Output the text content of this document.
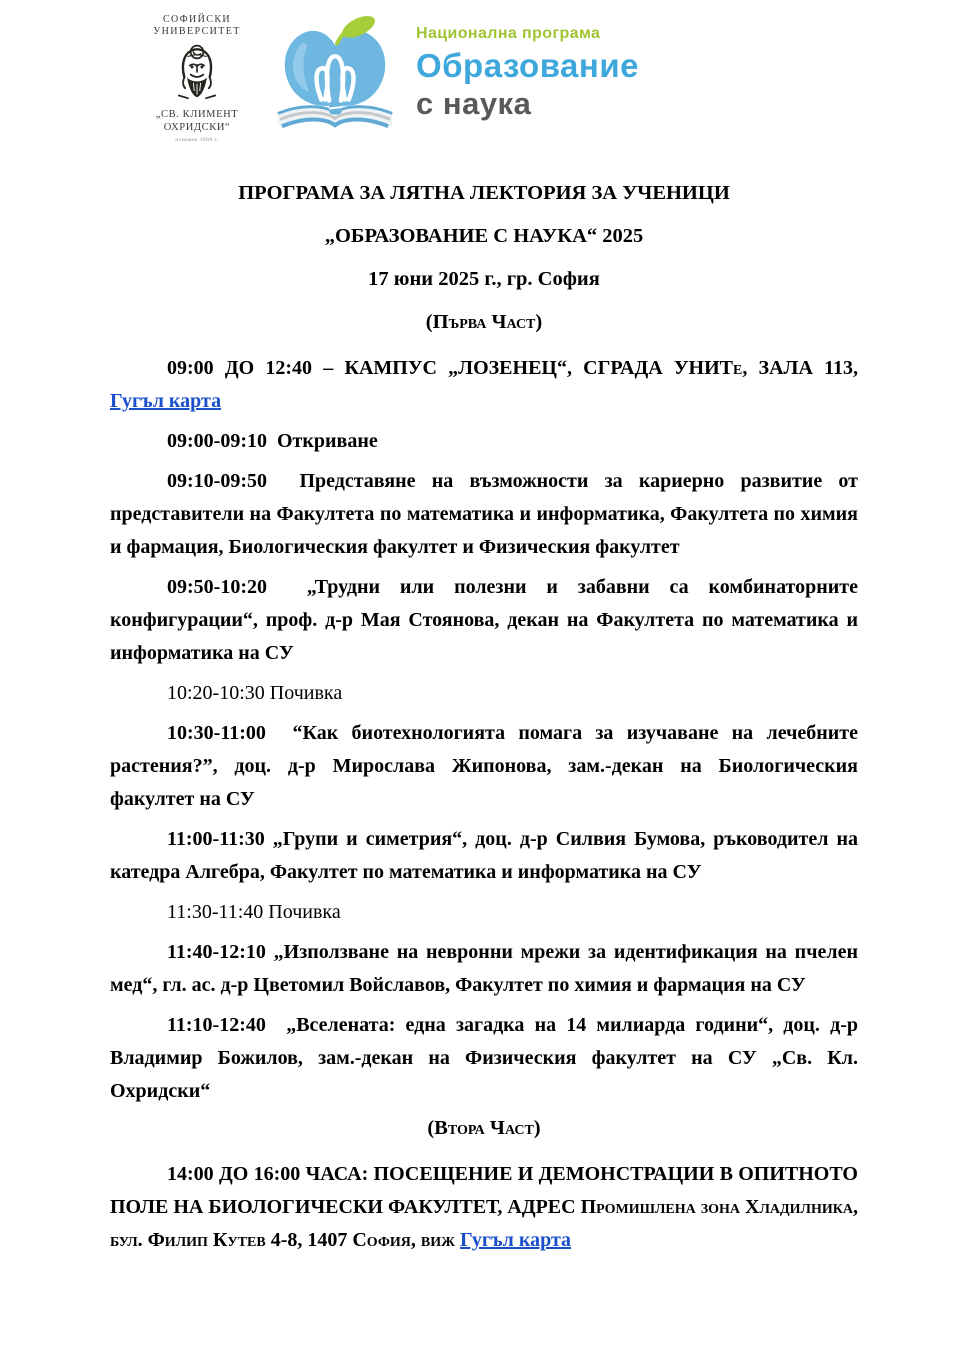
СОФИЙСКИ
УНИВЕРСИТЕТ
„СВ. КЛИМЕНТ
ОХРИДСКИ“
основан 1888 г.
Национална програма
Образование
с наука

ПРОГРАМА ЗА ЛЯТНА ЛЕКТОРИЯ ЗА УЧЕНИЦИ

„ОБРАЗОВАНИЕ С НАУКА“ 2025

17 юни 2025 г., гр. София

(Първа Част)

09:00 ДО 12:40 – КАМПУС „ЛОЗЕНЕЦ“, СГРАДА УНИТе, ЗАЛА 113, Гугъл карта

09:00-09:10  Откриване

09:10-09:50  Представяне на възможности за кариерно развитие от представители на Факултета по математика и информатика, Факултета по химия и фармация, Биологическия факултет и Физическия факултет

09:50-10:20  „Трудни или полезни и забавни са комбинаторните конфигурации“, проф. д-р Мая Стоянова, декан на Факултета по математика и информатика на СУ

10:20-10:30 Почивка

10:30-11:00  “Как биотехнологията помага за изучаване на лечебните растения?”, доц. д-р Мирослава Жипонова, зам.-декан на Биологическия факултет на СУ

11:00-11:30 „Групи и симетрия“, доц. д-р Силвия Бумова, ръководител на катедра Алгебра, Факултет по математика и информатика на СУ

11:30-11:40 Почивка

11:40-12:10 „Използване на невронни мрежи за идентификация на пчелен мед“, гл. ас. д-р Цветомил Войславов, Факултет по химия и фармация на СУ

11:10-12:40  „Вселената: една загадка на 14 милиарда години“, доц. д-р Владимир Божилов, зам.-декан на Физическия факултет на СУ „Св. Кл. Охридски“

(Втора Част)

14:00 ДО 16:00 ЧАСА: ПОСЕЩЕНИЕ И ДЕМОНСТРАЦИИ В ОПИТНОТО ПОЛЕ НА БИОЛОГИЧЕСКИ ФАКУЛТЕТ, АДРЕС Промишлена зона Хладилника, бул. Филип Кутев 4-8, 1407 София, виж Гугъл карта
